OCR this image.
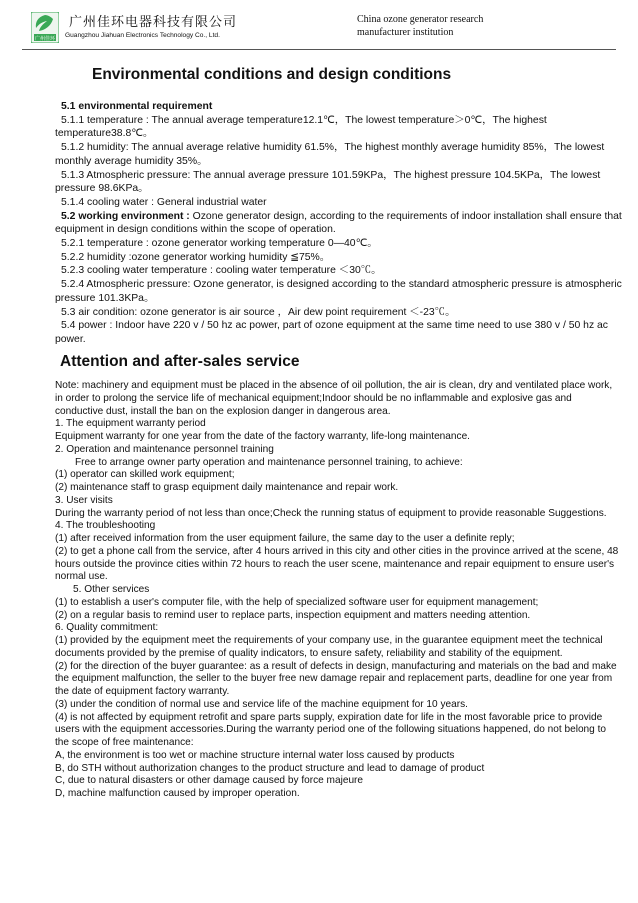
广州佳环
广州佳环电器科技有限公司
Guangzhou Jiahuan Electronics Technology Co., Ltd.
China ozone generator research
manufacturer institution
Environmental conditions and design conditions

5.1 environmental requirement

5.1.1 temperature : The annual average temperature12.1℃，The lowest temperature＞0℃，The highest temperature38.8℃。

5.1.2 humidity: The annual average relative humidity 61.5%，The highest monthly average humidity 85%，The lowest monthly average humidity 35%。

5.1.3 Atmospheric pressure: The annual average pressure 101.59KPa，The highest pressure 104.5KPa，The lowest pressure 98.6KPa。

5.1.4 cooling water : General industrial water

5.2 working environment : Ozone generator design, according to the requirements of indoor installation shall ensure that equipment in design conditions within the scope of operation.

5.2.1 temperature : ozone generator working temperature 0—40℃。

5.2.2 humidity :ozone generator working humidity ≦75%。

5.2.3 cooling water temperature : cooling water temperature ＜30℃。

5.2.4 Atmospheric pressure: Ozone generator, is designed according to the standard atmospheric pressure is atmospheric pressure 101.3KPa。

5.3 air condition: ozone generator is air source ，Air dew point requirement ＜-23℃。

5.4 power : Indoor have 220 v / 50 hz ac power, part of ozone equipment at the same time need to use 380 v / 50 hz ac power.

Attention and after-sales service

Note: machinery and equipment must be placed in the absence of oil pollution, the air is clean, dry and ventilated place work, in order to prolong the service life of mechanical equipment;Indoor should be no inflammable and explosive gas and conductive dust, install the ban on the explosion danger in dangerous area.

1. The equipment warranty period

Equipment warranty for one year from the date of the factory warranty, life-long maintenance.

2. Operation and maintenance personnel training

Free to arrange owner party operation and maintenance personnel training, to achieve:

(1) operator can skilled work equipment;

(2) maintenance staff to grasp equipment daily maintenance and repair work.

3. User visits

During the warranty period of not less than once;Check the running status of equipment to provide reasonable Suggestions.

4. The troubleshooting

(1) after received information from the user equipment failure, the same day to the user a definite reply;

(2) to get a phone call from the service, after 4 hours arrived in this city and other cities in the province arrived at the scene, 48 hours outside the province cities within 72 hours to reach the user scene, maintenance and repair equipment to ensure user's normal use.

5. Other services

(1) to establish a user's computer file, with the help of specialized software user for equipment management;

(2) on a regular basis to remind user to replace parts, inspection equipment and matters needing attention.

6. Quality commitment:

(1) provided by the equipment meet the requirements of your company use, in the guarantee equipment meet the technical documents provided by the premise of quality indicators, to ensure safety, reliability and stability of the equipment.

(2) for the direction of the buyer guarantee: as a result of defects in design, manufacturing and materials on the bad and make the equipment malfunction, the seller to the buyer free new damage repair and replacement parts, deadline for one year from the date of equipment factory warranty.

(3) under the condition of normal use and service life of the machine equipment for 10 years.

(4) is not affected by equipment retrofit and spare parts supply, expiration date for life in the most favorable price to provide users with the equipment accessories.During the warranty period one of the following situations happened, do not belong to the scope of free maintenance:

A, the environment is too wet or machine structure internal water loss caused by products

B, do STH without authorization changes to the product structure and lead to damage of product

C, due to natural disasters or other damage caused by force majeure

D, machine malfunction caused by improper operation.
